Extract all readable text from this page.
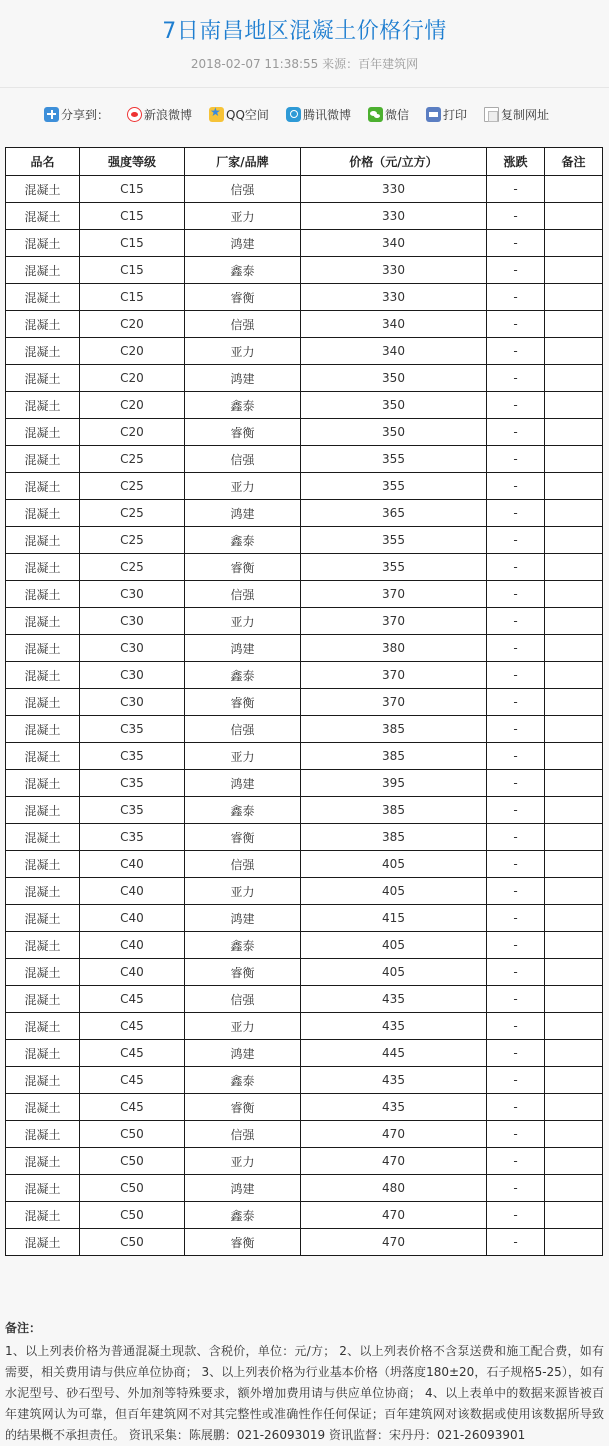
7日南昌地区混凝土价格行情
2018-02-07 11:38:55 来源：百年建筑网
分享到：	新浪微博 ★	QQ空间	腾讯微博	微信	打印	复制网址
品名	强度等级	厂家/品牌	价格（元/立方）	涨跌	备注
混凝土	C15	信强	330	-	
混凝土	C15	亚力	330	-	
混凝土	C15	鸿建	340	-	
混凝土	C15	鑫泰	330	-	
混凝土	C15	睿衡	330	-	
混凝土	C20	信强	340	-	
混凝土	C20	亚力	340	-	
混凝土	C20	鸿建	350	-	
混凝土	C20	鑫泰	350	-	
混凝土	C20	睿衡	350	-	
混凝土	C25	信强	355	-	
混凝土	C25	亚力	355	-	
混凝土	C25	鸿建	365	-	
混凝土	C25	鑫泰	355	-	
混凝土	C25	睿衡	355	-	
混凝土	C30	信强	370	-	
混凝土	C30	亚力	370	-	
混凝土	C30	鸿建	380	-	
混凝土	C30	鑫泰	370	-	
混凝土	C30	睿衡	370	-	
混凝土	C35	信强	385	-	
混凝土	C35	亚力	385	-	
混凝土	C35	鸿建	395	-	
混凝土	C35	鑫泰	385	-	
混凝土	C35	睿衡	385	-	
混凝土	C40	信强	405	-	
混凝土	C40	亚力	405	-	
混凝土	C40	鸿建	415	-	
混凝土	C40	鑫泰	405	-	
混凝土	C40	睿衡	405	-	
混凝土	C45	信强	435	-	
混凝土	C45	亚力	435	-	
混凝土	C45	鸿建	445	-	
混凝土	C45	鑫泰	435	-	
混凝土	C45	睿衡	435	-	
混凝土	C50	信强	470	-	
混凝土	C50	亚力	470	-	
混凝土	C50	鸿建	480	-	
混凝土	C50	鑫泰	470	-	
混凝土	C50	睿衡	470	-	
备注：
1、以上列表价格为普通混凝土现款、含税价，单位：元/方； 2、以上列表价格不含泵送费和施工配合费，如有需要，相关费用请与供应单位协商； 3、以上列表价格为行业基本价格（坍落度180±20，石子规格5-25），如有水泥型号、砂石型号、外加剂等特殊要求，额外增加费用请与供应单位协商； 4、以上表单中的数据来源皆被百年建筑网认为可靠，但百年建筑网不对其完整性或准确性作任何保证；百年建筑网对该数据或使用该数据所导致的结果概不承担责任。 资讯采集：陈展鹏：021-26093019 资讯监督：宋丹丹：021-26093901
